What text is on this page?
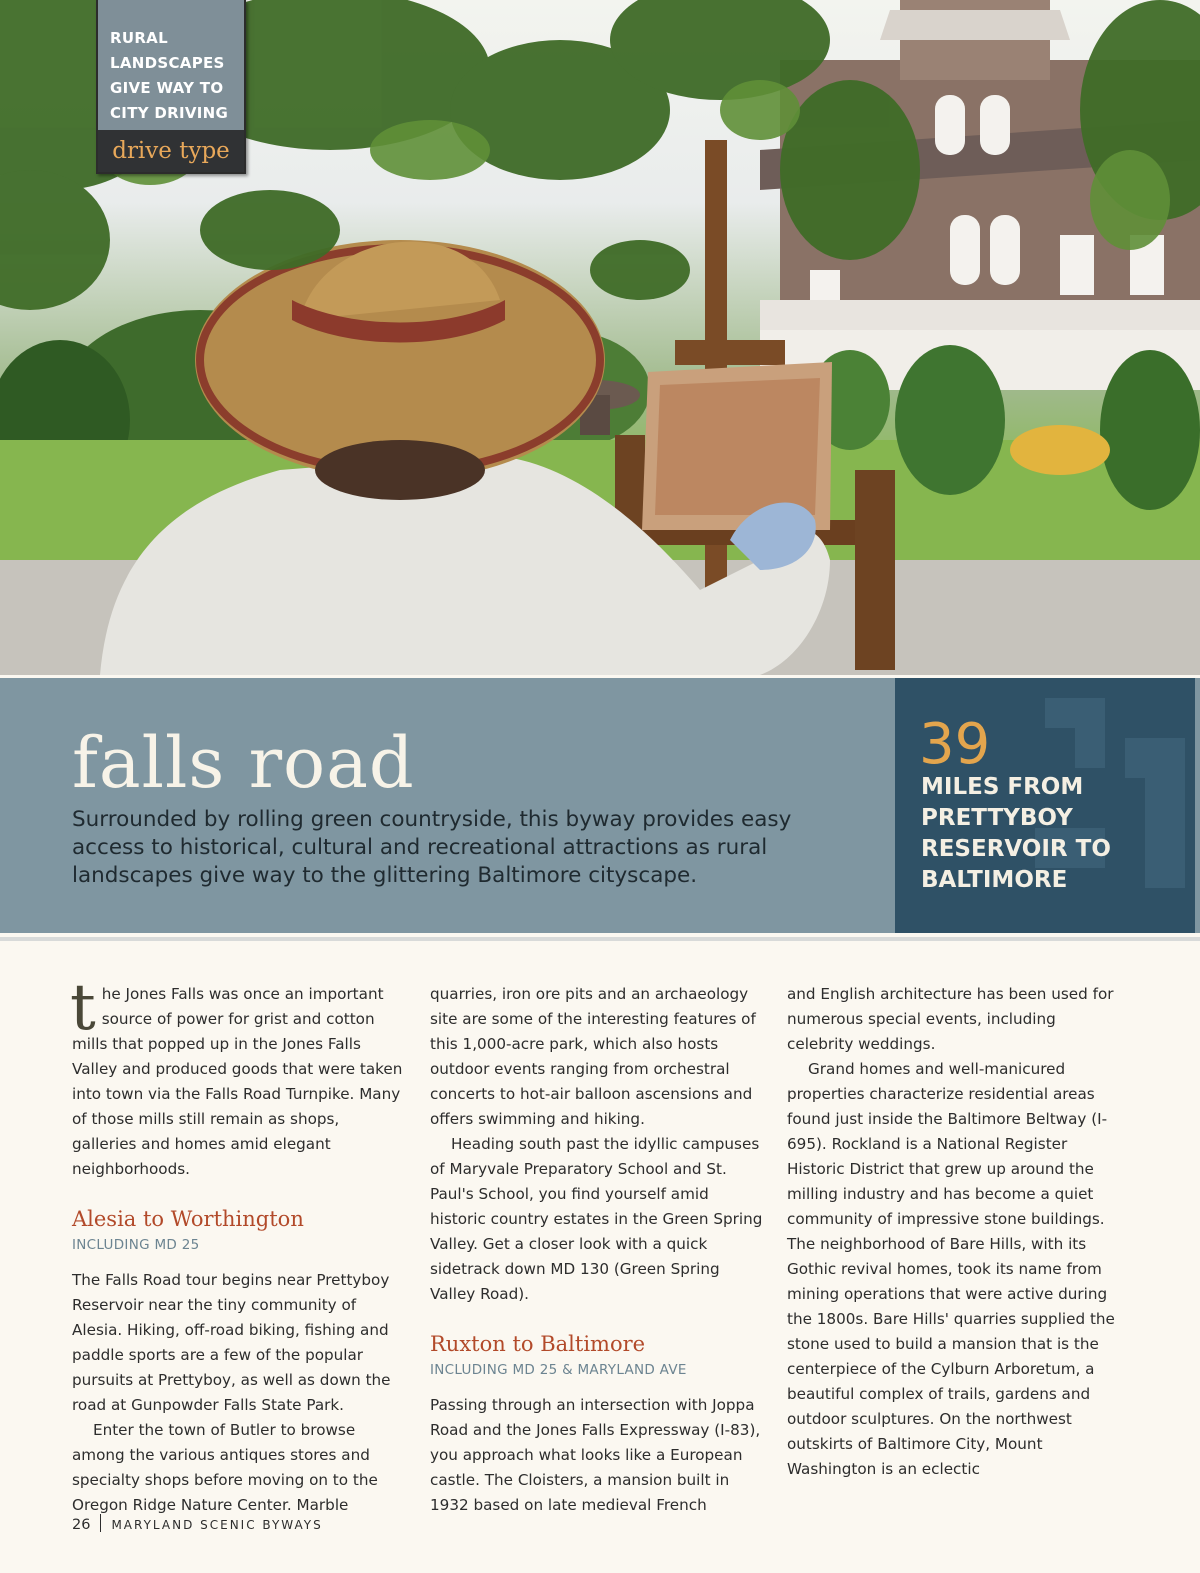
RURAL
LANDSCAPES
GIVE WAY TO
CITY DRIVING
drive type
falls road

Surrounded by rolling green countryside, this byway provides easy access to historical, cultural and recreational attractions as rural landscapes give way to the glittering Baltimore cityscape.

39
MILES FROM PRETTYBOY RESERVOIR TO BALTIMORE

the Jones Falls was once an important source of power for grist and cotton mills that popped up in the Jones Falls Valley and produced goods that were taken into town via the Falls Road Turnpike. Many of those mills still remain as shops, galleries and homes amid elegant neighborhoods.

Alesia to Worthington

INCLUDING MD 25

The Falls Road tour begins near Prettyboy Reservoir near the tiny community of Alesia. Hiking, off-road biking, fishing and paddle sports are a few of the popular pursuits at Prettyboy, as well as down the road at Gunpowder Falls State Park.

Enter the town of Butler to browse among the various antiques stores and specialty shops before moving on to the Oregon Ridge Nature Center. Marble

quarries, iron ore pits and an archaeology site are some of the interesting features of this 1,000-acre park, which also hosts outdoor events ranging from orchestral concerts to hot-air balloon ascensions and offers swimming and hiking.

Heading south past the idyllic campuses of Maryvale Preparatory School and St. Paul's School, you find yourself amid historic country estates in the Green Spring Valley. Get a closer look with a quick sidetrack down MD 130 (Green Spring Valley Road).

Ruxton to Baltimore

INCLUDING MD 25 & MARYLAND AVE

Passing through an intersection with Joppa Road and the Jones Falls Expressway (I-83), you approach what looks like a European castle. The Cloisters, a mansion built in 1932 based on late medieval French

and English architecture has been used for numerous special events, including celebrity weddings.

Grand homes and well-manicured properties characterize residential areas found just inside the Baltimore Beltway (I-695). Rockland is a National Register Historic District that grew up around the milling industry and has become a quiet community of impressive stone buildings. The neighborhood of Bare Hills, with its Gothic revival homes, took its name from mining operations that were active during the 1800s. Bare Hills' quarries supplied the stone used to build a mansion that is the centerpiece of the Cylburn Arboretum, a beautiful complex of trails, gardens and outdoor sculptures. On the northwest outskirts of Baltimore City, Mount Washington is an eclectic

26 MARYLAND SCENIC BYWAYS
